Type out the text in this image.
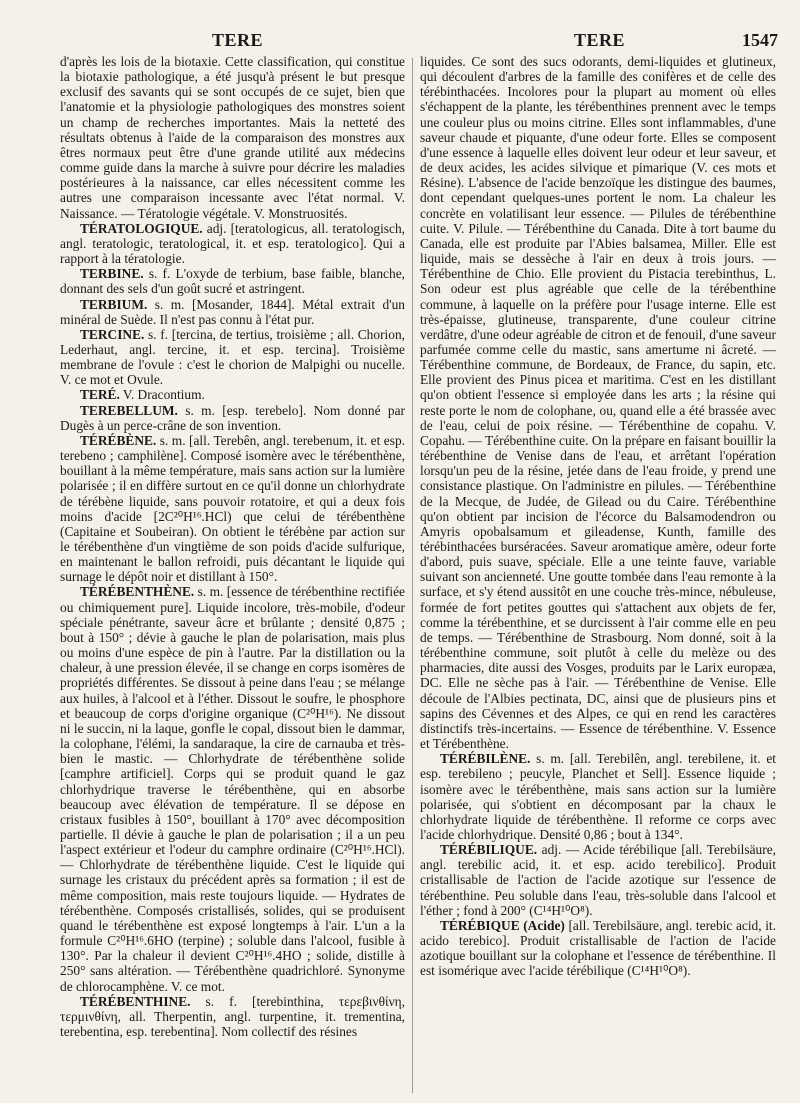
TERE	TERE	1547

d'après les lois de la biotaxie. Cette classification, qui constitue la biotaxie pathologique, a été jusqu'à présent le but presque exclusif des savants qui se sont occupés de ce sujet, bien que l'anatomie et la physiologie pathologiques des monstres soient un champ de recherches importantes. Mais la netteté des résultats obtenus à l'aide de la comparaison des monstres aux êtres normaux peut être d'une grande utilité aux médecins comme guide dans la marche à suivre pour décrire les maladies postérieures à la naissance, car elles nécessitent comme les autres une comparaison incessante avec l'état normal. V. Naissance. — Tératologie végétale. V. Monstruosités.

TÉRATOLOGIQUE. adj. [teratologicus, all. teratologisch, angl. teratologic, teratological, it. et esp. teratologico]. Qui a rapport à la tératologie.

TERBINE. s. f. L'oxyde de terbium, base faible, blanche, donnant des sels d'un goût sucré et astringent.

TERBIUM. s. m. [Mosander, 1844]. Métal extrait d'un minéral de Suède. Il n'est pas connu à l'état pur.

TERCINE. s. f. [tercina, de tertius, troisième ; all. Chorion, Lederhaut, angl. tercine, it. et esp. tercina]. Troisième membrane de l'ovule : c'est le chorion de Malpighi ou nucelle. V. ce mot et Ovule.

TERÉ. V. Dracontium.

TEREBELLUM. s. m. [esp. terebelo]. Nom donné par Dugès à un perce-crâne de son invention.

TÉRÉBÈNE. s. m. [all. Terebên, angl. terebenum, it. et esp. terebeno ; camphilène]. Composé isomère avec le térébenthène, bouillant à la même température, mais sans action sur la lumière polarisée ; il en diffère surtout en ce qu'il donne un chlorhydrate de térébène liquide, sans pouvoir rotatoire, et qui a deux fois moins d'acide [2C²⁰H¹⁶.HCl) que celui de térébenthène (Capitaine et Soubeiran). On obtient le térébène par action sur le térébenthène d'un vingtième de son poids d'acide sulfurique, en maintenant le ballon refroidi, puis décantant le liquide qui surnage le dépôt noir et distillant à 150°.

TÉRÉBENTHÈNE. s. m. [essence de térébenthine rectifiée ou chimiquement pure]. Liquide incolore, très-mobile, d'odeur spéciale pénétrante, saveur âcre et brûlante ; densité 0,875 ; bout à 150° ; dévie à gauche le plan de polarisation, mais plus ou moins d'une espèce de pin à l'autre. Par la distillation ou la chaleur, à une pression élevée, il se change en corps isomères de propriétés différentes. Se dissout à peine dans l'eau ; se mélange aux huiles, à l'alcool et à l'éther. Dissout le soufre, le phosphore et beaucoup de corps d'origine organique (C²⁰H¹⁶). Ne dissout ni le succin, ni la laque, gonfle le copal, dissout bien le dammar, la colophane, l'élémi, la sandaraque, la cire de carnauba et très-bien le mastic. — Chlorhydrate de térébenthène solide [camphre artificiel]. Corps qui se produit quand le gaz chlorhydrique traverse le térébenthène, qui en absorbe beaucoup avec élévation de température. Il se dépose en cristaux fusibles à 150°, bouillant à 170° avec décomposition partielle. Il dévie à gauche le plan de polarisation ; il a un peu l'aspect extérieur et l'odeur du camphre ordinaire (C²⁰H¹⁶.HCl). — Chlorhydrate de térébenthène liquide. C'est le liquide qui surnage les cristaux du précédent après sa formation ; il est de même composition, mais reste toujours liquide. — Hydrates de térébenthène. Composés cristallisés, solides, qui se produisent quand le térébenthène est exposé longtemps à l'air. L'un a la formule C²⁰H¹⁶.6HO (terpine) ; soluble dans l'alcool, fusible à 130°. Par la chaleur il devient C²⁰H¹⁶.4HO ; solide, distille à 250° sans altération. — Térébenthène quadrichloré. Synonyme de chlorocamphène. V. ce mot.

TÉRÉBENTHINE. s. f. [terebinthina, τερεβινθίνη, τερμινθίνη, all. Therpentin, angl. turpentine, it. trementina, terebentina, esp. terebentina]. Nom collectif des résines

liquides. Ce sont des sucs odorants, demi-liquides et glutineux, qui découlent d'arbres de la famille des conifères et de celle des térébinthacées. Incolores pour la plupart au moment où elles s'échappent de la plante, les térébenthines prennent avec le temps une couleur plus ou moins citrine. Elles sont inflammables, d'une saveur chaude et piquante, d'une odeur forte. Elles se composent d'une essence à laquelle elles doivent leur odeur et leur saveur, et de deux acides, les acides silvique et pimarique (V. ces mots et Résine). L'absence de l'acide benzoïque les distingue des baumes, dont cependant quelques-unes portent le nom. La chaleur les concrète en volatilisant leur essence. — Pilules de térébenthine cuite. V. Pilule. — Térébenthine du Canada. Dite à tort baume du Canada, elle est produite par l'Abies balsamea, Miller. Elle est liquide, mais se dessèche à l'air en deux à trois jours. — Térébenthine de Chio. Elle provient du Pistacia terebinthus, L. Son odeur est plus agréable que celle de la térébenthine commune, à laquelle on la préfère pour l'usage interne. Elle est très-épaisse, glutineuse, transparente, d'une couleur citrine verdâtre, d'une odeur agréable de citron et de fenouil, d'une saveur parfumée comme celle du mastic, sans amertume ni âcreté. — Térébenthine commune, de Bordeaux, de France, du sapin, etc. Elle provient des Pinus picea et maritima. C'est en les distillant qu'on obtient l'essence si employée dans les arts ; la résine qui reste porte le nom de colophane, ou, quand elle a été brassée avec de l'eau, celui de poix résine. — Térébenthine de copahu. V. Copahu. — Térébenthine cuite. On la prépare en faisant bouillir la térébenthine de Venise dans de l'eau, et arrêtant l'opération lorsqu'un peu de la résine, jetée dans de l'eau froide, y prend une consistance plastique. On l'administre en pilules. — Térébenthine de la Mecque, de Judée, de Gilead ou du Caire. Térébenthine qu'on obtient par incision de l'écorce du Balsamodendron ou Amyris opobalsamum et gileadense, Kunth, famille des térébinthacées burséracées. Saveur aromatique amère, odeur forte d'abord, puis suave, spéciale. Elle a une teinte fauve, variable suivant son ancienneté. Une goutte tombée dans l'eau remonte à la surface, et s'y étend aussitôt en une couche très-mince, nébuleuse, formée de fort petites gouttes qui s'attachent aux objets de fer, comme la térébenthine, et se durcissent à l'air comme elle en peu de temps. — Térébenthine de Strasbourg. Nom donné, soit à la térébenthine commune, soit plutôt à celle du melèze ou des pharmacies, dite aussi des Vosges, produits par le Larix europæa, DC. Elle ne sèche pas à l'air. — Térébenthine de Venise. Elle découle de l'Albies pectinata, DC, ainsi que de plusieurs pins et sapins des Cévennes et des Alpes, ce qui en rend les caractères distinctifs très-incertains. — Essence de térébenthine. V. Essence et Térébenthène.

TÉRÉBILÈNE. s. m. [all. Terebilên, angl. terebilene, it. et esp. terebileno ; peucyle, Planchet et Sell]. Essence liquide ; isomère avec le térébenthène, mais sans action sur la lumière polarisée, qui s'obtient en décomposant par la chaux le chlorhydrate liquide de térébenthène. Il reforme ce corps avec l'acide chlorhydrique. Densité 0,86 ; bout à 134°.

TÉRÉBILIQUE. adj. — Acide térébilique [all. Terebilsäure, angl. terebilic acid, it. et esp. acido terebilico]. Produit cristallisable de l'action de l'acide azotique sur l'essence de térébenthine. Peu soluble dans l'eau, très-soluble dans l'alcool et l'éther ; fond à 200° (C¹⁴H¹⁰O⁸).

TÉRÉBIQUE (Acide) [all. Terebilsäure, angl. terebic acid, it. acido terebico]. Produit cristallisable de l'action de l'acide azotique bouillant sur la colophane et l'essence de térébenthine. Il est isomérique avec l'acide térébilique (C¹⁴H¹⁰O⁸).
